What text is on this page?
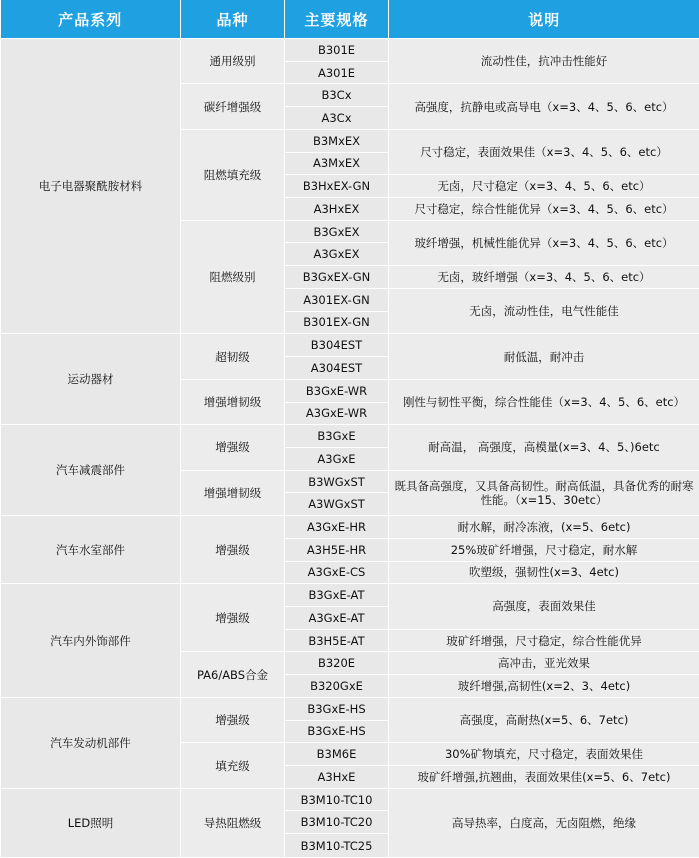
产品系列	品种	主要规格	说明
电子电器聚酰胺材料	通用级别	B301E	流动性佳，抗冲击性能好
		A301E	
	碳纤增强级	B3Cx	高强度，抗静电或高导电（x=3、4、5、6、etc）
		A3Cx	
	阻燃填充级	B3MxEX	尺寸稳定，表面效果佳（x=3、4、5、6、etc）
		A3MxEX	
		B3HxEX-GN	无卤，尺寸稳定（x=3、4、5、6、etc）
		A3HxEX	尺寸稳定，综合性能优异（x=3、4、5、6、etc）
	阻燃级别	B3GxEX	玻纤增强，机械性能优异（x=3、4、5、6、etc）
		A3GxEX	
		B3GxEX-GN	无卤，玻纤增强（x=3、4、5、6、etc）
		A301EX-GN	无卤，流动性佳，电气性能佳
		B301EX-GN	
运动器材	超韧级	B304EST	耐低温，耐冲击
		A304EST	
	增强增韧级	B3GxE-WR	刚性与韧性平衡，综合性能佳（x=3、4、5、6、etc）
		A3GxE-WR	
汽车减震部件	增强级	B3GxE	耐高温， 高强度，高模量(x=3、4、5、)6etc
		A3GxE	
	增强增韧级	B3WGxST	既具备高强度，又具备高韧性。耐高低温，具备优秀的耐寒性能。（x=15、30etc）
		A3WGxST	
汽车水室部件	增强级	A3GxE-HR	耐水解，耐冷冻液，(x=5、6etc)
		A3H5E-HR	25%玻矿纤增强，尺寸稳定，耐水解
		A3GxE-CS	吹塑级，强韧性(x=3、4etc)
汽车内外饰部件	增强级	B3GxE-AT	高强度，表面效果佳
		A3GxE-AT	
		B3H5E-AT	玻矿纤增强，尺寸稳定，综合性能优异
	PA6/ABS合金	B320E	高冲击，亚光效果
		B320GxE	玻纤增强,高韧性(x=2、3、4etc)
汽车发动机部件	增强级	B3GxE-HS	高强度，高耐热(x=5、6、7etc)
		B3GxE-HS	
	填充级	B3M6E	30%矿物填充，尺寸稳定，表面效果佳
		A3HxE	玻矿纤增强,抗翘曲，表面效果佳(x=5、6、7etc)
LED照明	导热阻燃级	B3M10-TC10	高导热率，白度高，无卤阻燃，绝缘
		B3M10-TC20	
		B3M10-TC25	
